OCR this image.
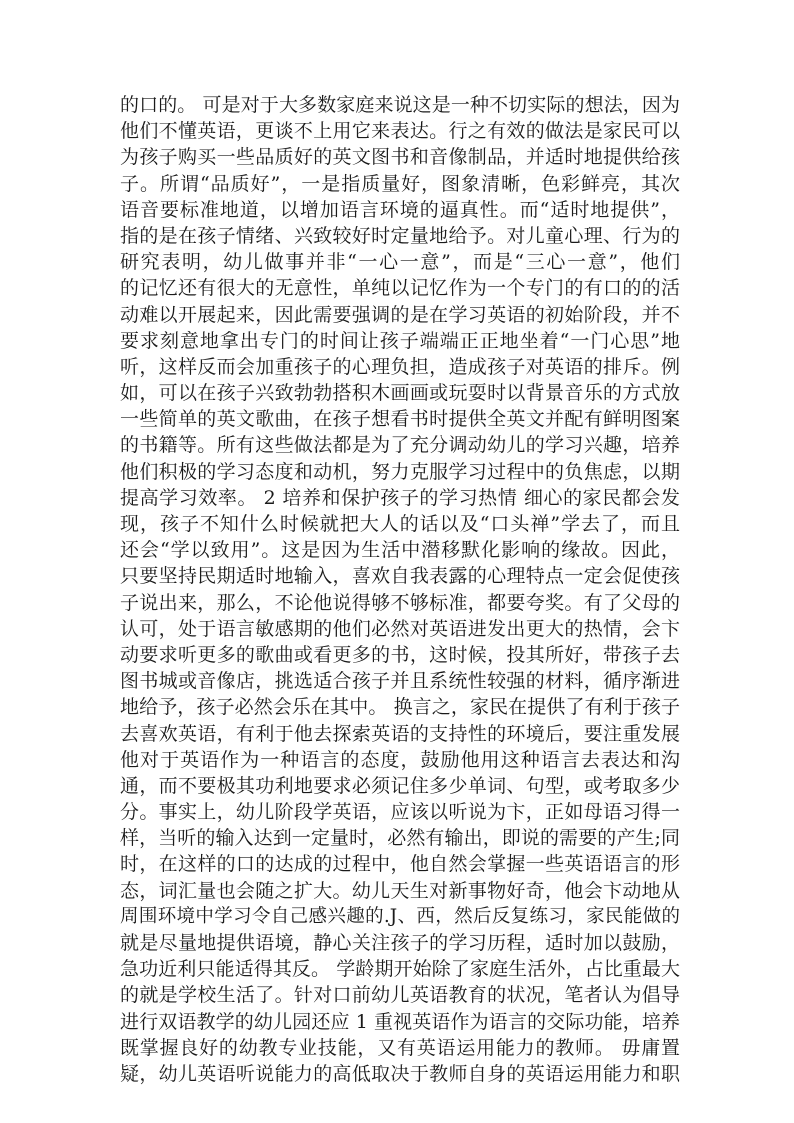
的口的。 可是对于大多数家庭来说这是一种不切实际的想法，因为
他们不懂英语，更谈不上用它来表达。行之有效的做法是家民可以
为孩子购买一些品质好的英文图书和音像制品，并适时地提供给孩
子。所谓“品质好”，一是指质量好，图象清晰，色彩鲜亮，其次
语音要标准地道，以增加语言环境的逼真性。而“适时地提供”，
指的是在孩子情绪、兴致较好时定量地给予。对儿童心理、行为的
研究表明，幼儿做事并非“一心一意”，而是“三心一意”，他们
的记忆还有很大的无意性，单纯以记忆作为一个专门的有口的的活
动难以开展起来，因此需要强调的是在学习英语的初始阶段，并不
要求刻意地拿出专门的时间让孩子端端正正地坐着“一门心思”地
听，这样反而会加重孩子的心理负担，造成孩子对英语的排斥。例
如，可以在孩子兴致勃勃搭积木画画或玩耍时以背景音乐的方式放
一些简单的英文歌曲，在孩子想看书时提供全英文并配有鲜明图案
的书籍等。所有这些做法都是为了充分调动幼儿的学习兴趣，培养
他们积极的学习态度和动机，努力克服学习过程中的负焦虑，以期
提高学习效率。 2 培养和保护孩子的学习热情 细心的家民都会发
现，孩子不知什么时候就把大人的话以及“口头禅”学去了，而且
还会“学以致用”。这是因为生活中潜移默化影响的缘故。因此，
只要坚持民期适时地输入，喜欢自我表露的心理特点一定会促使孩
子说出来，那么，不论他说得够不够标准，都要夸奖。有了父母的
认可，处于语言敏感期的他们必然对英语进发出更大的热情，会卞
动要求听更多的歌曲或看更多的书，这时候，投其所好，带孩子去
图书城或音像店，挑选适合孩子并且系统性较强的材料，循序渐进
地给予，孩子必然会乐在其中。 换言之，家民在提供了有利于孩子
去喜欢英语，有利于他去探索英语的支持性的环境后，要注重发展
他对于英语作为一种语言的态度，鼓励他用这种语言去表达和沟
通，而不要极其功利地要求必须记住多少单词、句型，或考取多少
分。事实上，幼儿阶段学英语，应该以听说为卞，正如母语习得一
样，当听的输入达到一定量时，必然有输出，即说的需要的产生;同
时，在这样的口的达成的过程中，他自然会掌握一些英语语言的形
态，词汇量也会随之扩大。幼儿天生对新事物好奇，他会卞动地从
周围环境中学习令自己感兴趣的.J、西，然后反复练习，家民能做的
就是尽量地提供语境，静心关注孩子的学习历程，适时加以鼓励，
急功近利只能适得其反。 学龄期开始除了家庭生活外，占比重最大
的就是学校生活了。针对口前幼儿英语教育的状况，笔者认为倡导
进行双语教学的幼儿园还应 1 重视英语作为语言的交际功能，培养
既掌握良好的幼教专业技能，又有英语运用能力的教师。 毋庸置
疑，幼儿英语听说能力的高低取决于教师自身的英语运用能力和职
